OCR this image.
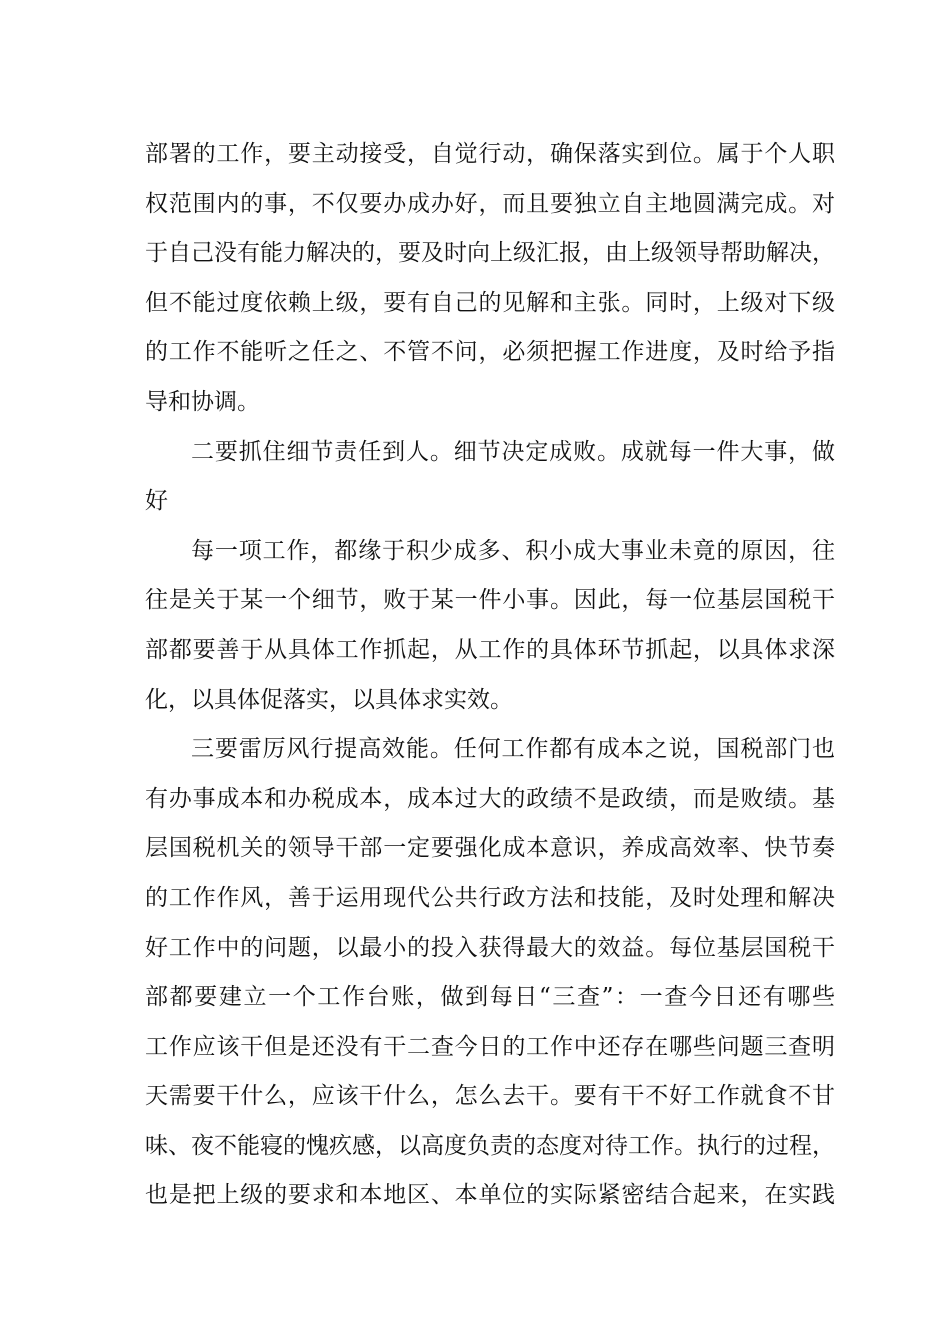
部署的工作，要主动接受，自觉行动，确保落实到位。属于个人职
权范围内的事，不仅要办成办好，而且要独立自主地圆满完成。对
于自己没有能力解决的，要及时向上级汇报，由上级领导帮助解决，
但不能过度依赖上级，要有自己的见解和主张。同时，上级对下级
的工作不能听之任之、不管不问，必须把握工作进度，及时给予指
导和协调。
二要抓住细节责任到人。细节决定成败。成就每一件大事，做
好
每一项工作，都缘于积少成多、积小成大事业未竟的原因，往
往是关于某一个细节，败于某一件小事。因此，每一位基层国税干
部都要善于从具体工作抓起，从工作的具体环节抓起，以具体求深
化，以具体促落实，以具体求实效。
三要雷厉风行提高效能。任何工作都有成本之说，国税部门也
有办事成本和办税成本，成本过大的政绩不是政绩，而是败绩。基
层国税机关的领导干部一定要强化成本意识，养成高效率、快节奏
的工作作风，善于运用现代公共行政方法和技能，及时处理和解决
好工作中的问题，以最小的投入获得最大的效益。每位基层国税干
部都要建立一个工作台账，做到每日“三查”：一查今日还有哪些
工作应该干但是还没有干二查今日的工作中还存在哪些问题三查明
天需要干什么，应该干什么，怎么去干。要有干不好工作就食不甘
味、夜不能寝的愧疚感，以高度负责的态度对待工作。执行的过程，
也是把上级的要求和本地区、本单位的实际紧密结合起来，在实践
